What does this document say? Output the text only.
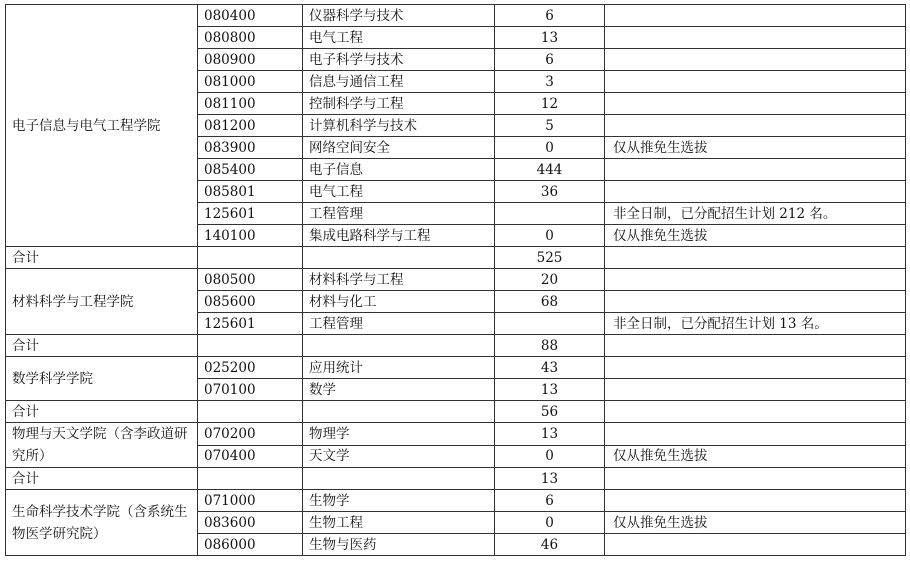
电子信息与电气工程学院	080400	仪器科学与技术	6	
	080800	电气工程	13	
	080900	电子科学与技术	6	
	081000	信息与通信工程	3	
	081100	控制科学与工程	12	
	081200	计算机科学与技术	5	
	083900	网络空间安全	0	仅从推免生选拔
	085400	电子信息	444	
	085801	电气工程	36	
	125601	工程管理		非全日制，已分配招生计划 212 名。
	140100	集成电路科学与工程	0	仅从推免生选拔
合计			525	
材料科学与工程学院	080500	材料科学与工程	20	
	085600	材料与化工	68	
	125601	工程管理		非全日制，已分配招生计划 13 名。
合计			88	
数学科学学院	025200	应用统计	43	
	070100	数学	13	
合计			56	
物理与天文学院（含李政道研究所）	070200	物理学	13	
	070400	天文学	0	仅从推免生选拔
合计			13	
生命科学技术学院（含系统生物医学研究院）	071000	生物学	6	
	083600	生物工程	0	仅从推免生选拔
	086000	生物与医药	46	
